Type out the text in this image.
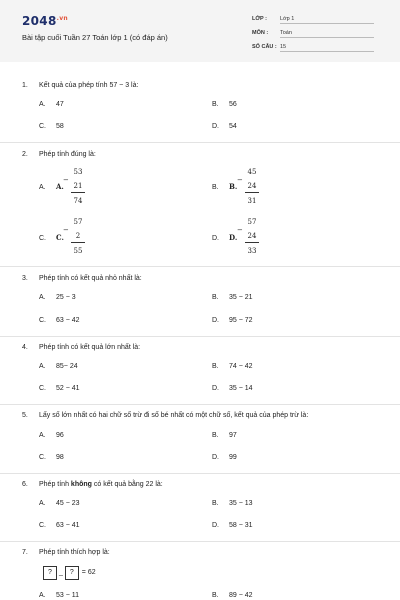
$2048^{.vn}$
Bài tập cuối Tuần 27 Toán lớp 1 (có đáp án)
LỚP : Lớp 1
MÔN : Toán
SỐ CÂU : 15
1. Kết quả của phép tính 57 − 3 là:
A. 47	B. 56
C. 58	D. 54
2. Phép tính đúng là:
A. A.
53
−
21
74
B. B.
45
−
24
31
C. C.
57
−
2
55
D. D.
57
−
24
33
3. Phép tính có kết quả nhỏ nhất là:
A. 25 − 3	B. 35 − 21
C. 63 − 42	D. 95 − 72
4. Phép tính có kết quả lớn nhất là:
A. 85− 24	B. 74 − 42
C. 52 − 41	D. 35 − 14
5. Lấy số lớn nhất có hai chữ số trừ đi số bé nhất có một chữ số, kết quả của phép trừ là:
A. 96	B. 97
C. 98	D. 99
6. Phép tính không có kết quả bằng 22 là:
A. 45 − 23	B. 35 − 13
C. 63 − 41	D. 58 − 31
7. Phép tính thích hợp là:
? _ ? = 62
A. 53 − 11	B. 89 − 42
